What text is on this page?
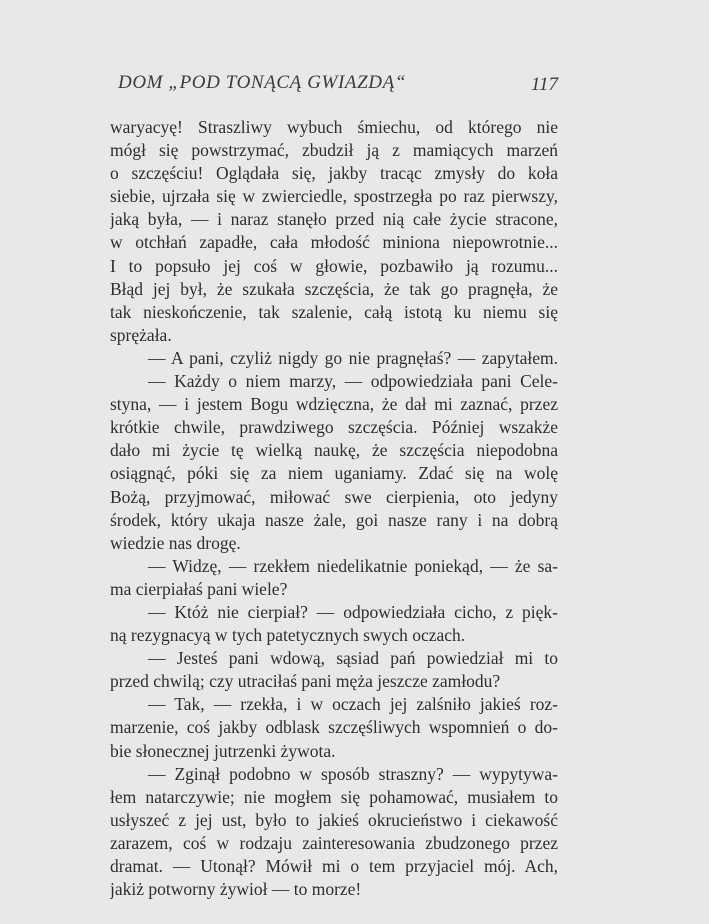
DOM „POD TONĄCĄ GWIAZDĄ“	117
waryacyę! Straszliwy wybuch śmiechu, od którego nie
mógł się powstrzymać, zbudził ją z mamiących marzeń
o szczęściu! Oglądała się, jakby tracąc zmysły do koła
siebie, ujrzała się w zwierciedle, spostrzegła po raz pierwszy,
jaką była, — i naraz stanęło przed nią całe życie stracone,
w otchłań zapadłe, cała młodość miniona niepowrotnie...
I to popsuło jej coś w głowie, pozbawiło ją rozumu...
Błąd jej był, że szukała szczęścia, że tak go pragnęła, że
tak nieskończenie, tak szalenie, całą istotą ku niemu się
sprężała.
— A pani, czyliż nigdy go nie pragnęłaś? — zapytałem.
— Każdy o niem marzy, — odpowiedziała pani Cele-
styna, — i jestem Bogu wdzięczna, że dał mi zaznać, przez
krótkie chwile, prawdziwego szczęścia. Później wszakże
dało mi życie tę wielką naukę, że szczęścia niepodobna
osiągnąć, póki się za niem uganiamy. Zdać się na wolę
Bożą, przyjmować, miłować swe cierpienia, oto jedyny
środek, który ukaja nasze żale, goi nasze rany i na dobrą
wiedzie nas drogę.
— Widzę, — rzekłem niedelikatnie poniekąd, — że sa-
ma cierpiałaś pani wiele?
— Któż nie cierpiał? — odpowiedziała cicho, z pięk-
ną rezygnacyą w tych patetycznych swych oczach.
— Jesteś pani wdową, sąsiad pań powiedział mi to
przed chwilą; czy utraciłaś pani męża jeszcze zamłodu?
— Tak, — rzekła, i w oczach jej zalśniło jakieś roz-
marzenie, coś jakby odblask szczęśliwych wspomnień o do-
bie słonecznej jutrzenki żywota.
— Zginął podobno w sposób straszny? — wypytywa-
łem natarczywie; nie mogłem się pohamować, musiałem to
usłyszeć z jej ust, było to jakieś okrucieństwo i ciekawość
zarazem, coś w rodzaju zainteresowania zbudzonego przez
dramat. — Utonął? Mówił mi o tem przyjaciel mój. Ach,
jakiż potworny żywioł — to morze!
